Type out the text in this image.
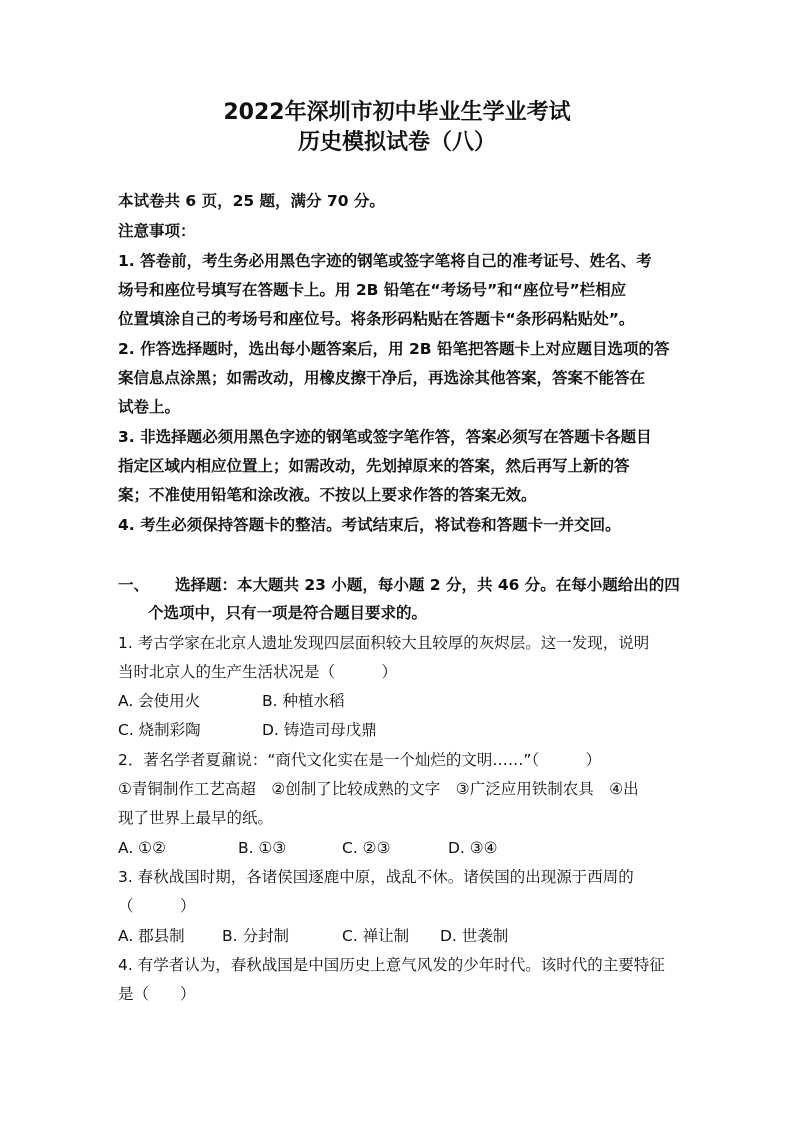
2022年深圳市初中毕业生学业考试
历史模拟试卷（八）
本试卷共 6 页，25 题，满分 70 分。
注意事项：
1. 答卷前，考生务必用黑色字迹的钢笔或签字笔将自己的准考证号、姓名、考
场号和座位号填写在答题卡上。用 2B 铅笔在“考场号”和“座位号”栏相应
位置填涂自己的考场号和座位号。将条形码粘贴在答题卡“条形码粘贴处”。
2. 作答选择题时，选出每小题答案后，用 2B 铅笔把答题卡上对应题目选项的答
案信息点涂黑；如需改动，用橡皮擦干净后，再选涂其他答案，答案不能答在
试卷上。
3. 非选择题必须用黑色字迹的钢笔或签字笔作答，答案必须写在答题卡各题目
指定区域内相应位置上；如需改动，先划掉原来的答案，然后再写上新的答
案；不准使用铅笔和涂改液。不按以上要求作答的答案无效。
4. 考生必须保持答题卡的整洁。考试结束后，将试卷和答题卡一并交回。
一、 选择题：本大题共 23 小题，每小题 2 分，共 46 分。在每小题给出的四
个选项中，只有一项是符合题目要求的。
1. 考古学家在北京人遗址发现四层面积较大且较厚的灰烬层。这一发现，说明
当时北京人的生产生活状况是（　　　）
A. 会使用火	B. 种植水稻
C. 烧制彩陶	D. 铸造司母戊鼎
2．著名学者夏鼐说：“商代文化实在是一个灿烂的文明……”（　　　）
①青铜制作工艺高超　②创制了比较成熟的文字　③广泛应用铁制农具　④出
现了世界上最早的纸。
A. ①②	B. ①③	C. ②③	D. ③④
3. 春秋战国时期，各诸侯国逐鹿中原，战乱不休。诸侯国的出现源于西周的
（　　　）
A. 郡县制 B. 分封制	C. 禅让制 D. 世袭制
4. 有学者认为，春秋战国是中国历史上意气风发的少年时代。该时代的主要特征
是（　　）
